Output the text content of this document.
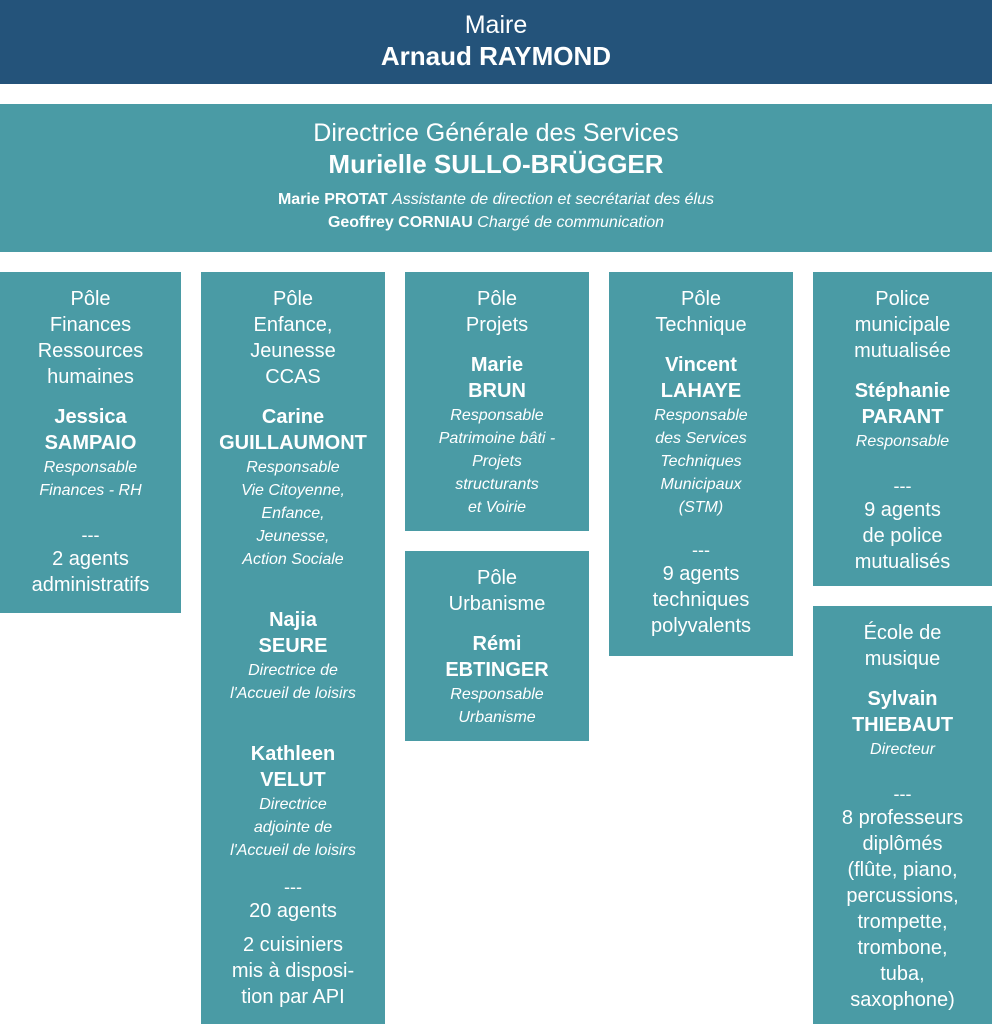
Maire
Arnaud RAYMOND
Directrice Générale des Services
Murielle SULLO-BRÜGGER
Marie PROTAT Assistante de direction et secrétariat des élus
Geoffrey CORNIAU Chargé de communication
Pôle
Finances
Ressources
humaines
Jessica
SAMPAIO
Responsable
Finances - RH
---
2 agents
administratifs
Pôle
Enfance,
Jeunesse
CCAS
Carine
GUILLAUMONT
Responsable
Vie Citoyenne,
Enfance,
Jeunesse,
Action Sociale
Najia
SEURE
Directrice de
l'Accueil de loisirs
Kathleen
VELUT
Directrice
adjointe de
l'Accueil de loisirs
---
20 agents
2 cuisiniers
mis à disposi-
tion par API
Pôle
Projets
Marie
BRUN
Responsable
Patrimoine bâti -
Projets
structurants
et Voirie
Pôle
Urbanisme
Rémi
EBTINGER
Responsable
Urbanisme
Pôle
Technique
Vincent
LAHAYE
Responsable
des Services
Techniques
Municipaux
(STM)
---
9 agents
techniques
polyvalents
Police
municipale
mutualisée
Stéphanie
PARANT
Responsable
---
9 agents
de police
mutualisés
École de
musique
Sylvain
THIEBAUT
Directeur
---
8 professeurs
diplômés
(flûte, piano,
percussions,
trompette,
trombone,
tuba,
saxophone)
